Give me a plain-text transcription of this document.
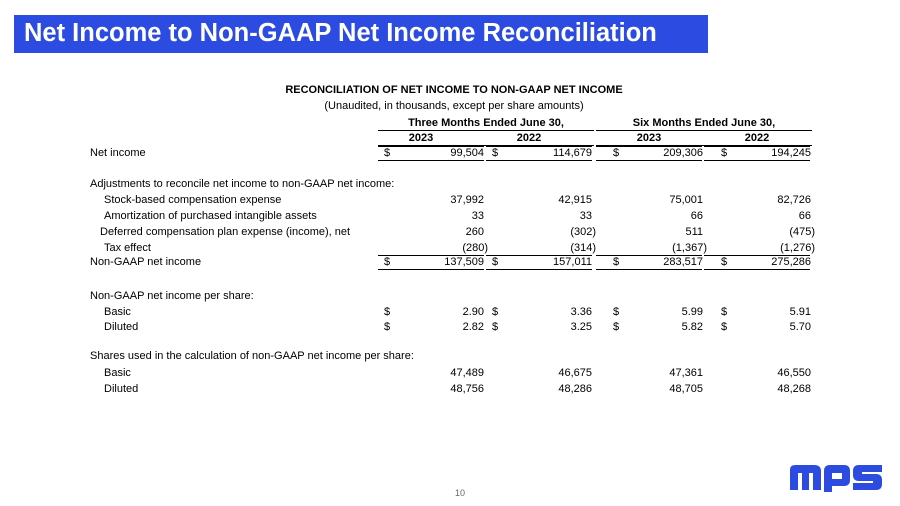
Net Income to Non-GAAP Net Income Reconciliation
RECONCILIATION OF NET INCOME TO NON-GAAP NET INCOME
(Unaudited, in thousands, except per share amounts)
Three Months Ended June 30,	Six Months Ended June 30,
2023	2022	2023	2022
Net income	$	99,504 $	114,679 $	209,306 $	194,245
Adjustments to reconcile net income to non-GAAP net income:
Stock-based compensation expense	37,992	42,915	75,001	82,726
Amortization of purchased intangible assets	33	33	66	66
Deferred compensation plan expense (income), net	260	(302)	511	(475)
Tax effect	(280)	(314)	(1,367)	(1,276)
Non-GAAP net income	$	137,509 $	157,011 $	283,517 $	275,286
Non-GAAP net income per share:
Basic	$	2.90 $	3.36 $	5.99 $	5.91
Diluted	$	2.82 $	3.25 $	5.82 $	5.70
Shares used in the calculation of non-GAAP net income per share:
Basic	47,489	46,675	47,361	46,550
Diluted	48,756	48,286	48,705	48,268
10
